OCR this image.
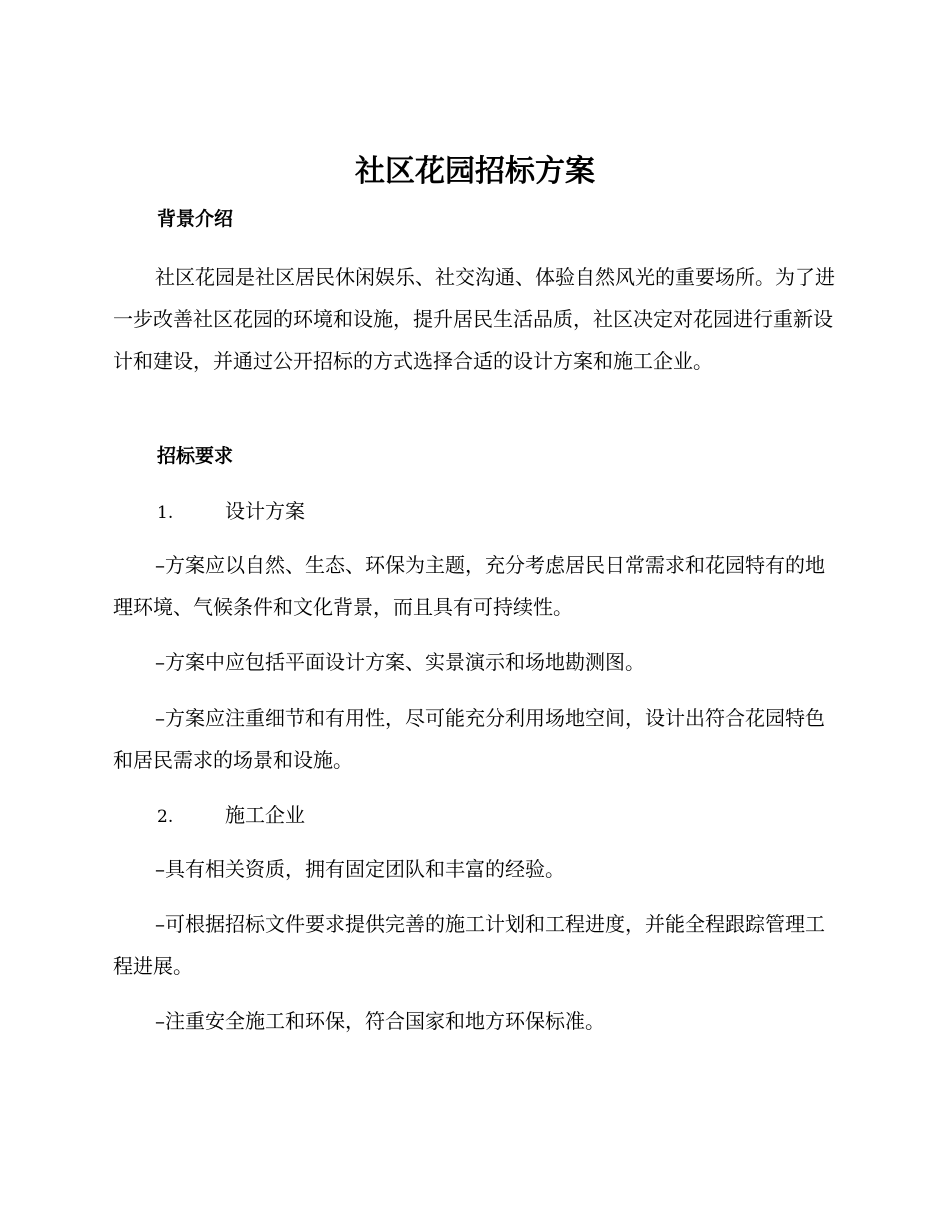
社区花园招标方案
背景介绍

社区花园是社区居民休闲娱乐、社交沟通、体验自然风光的重要场所。为了进一步改善社区花园的环境和设施，提升居民生活品质，社区决定对花园进行重新设计和建设，并通过公开招标的方式选择合适的设计方案和施工企业。

招标要求
1.	设计方案

–方案应以自然、生态、环保为主题，充分考虑居民日常需求和花园特有的地理环境、气候条件和文化背景，而且具有可持续性。

–方案中应包括平面设计方案、实景演示和场地勘测图。

–方案应注重细节和有用性，尽可能充分利用场地空间，设计出符合花园特色和居民需求的场景和设施。

2.	施工企业

–具有相关资质，拥有固定团队和丰富的经验。

–可根据招标文件要求提供完善的施工计划和工程进度，并能全程跟踪管理工程进展。

–注重安全施工和环保，符合国家和地方环保标准。
